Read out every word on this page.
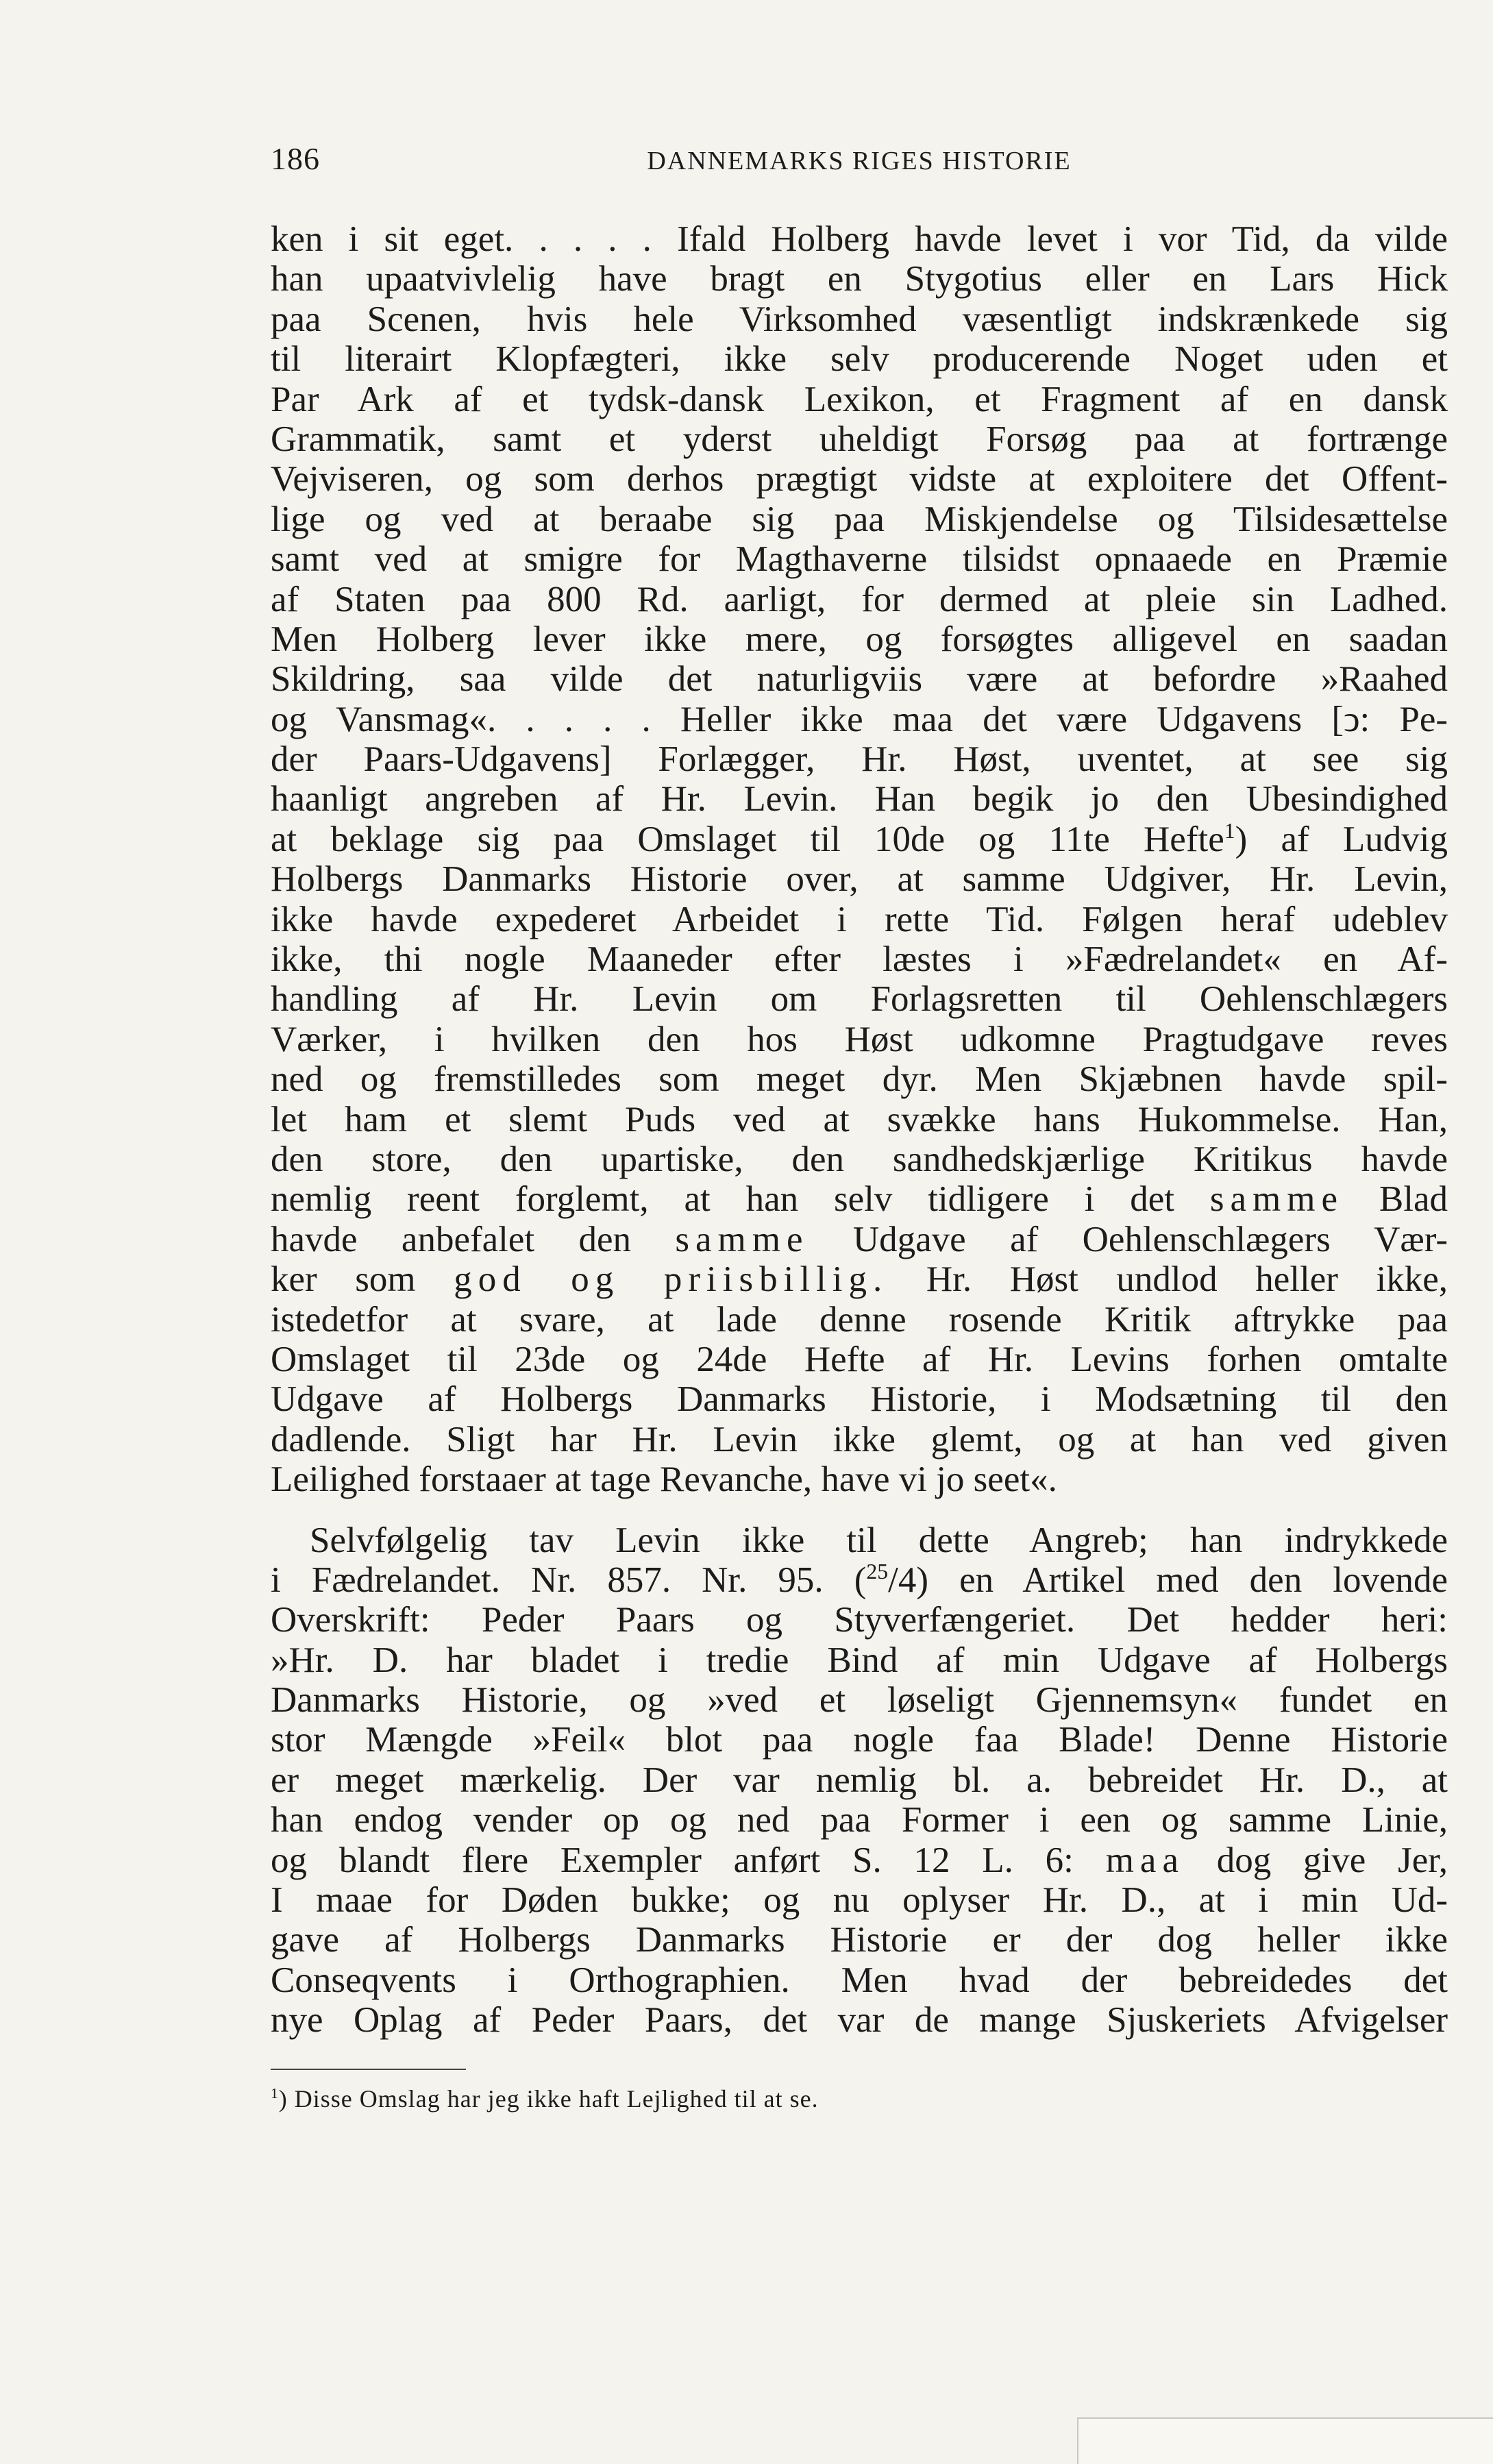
186	DANNEMARKS RIGES HISTORIE
ken i sit eget. . . . . Ifald Holberg havde levet i vor Tid, da vilde
han upaatvivlelig have bragt en Stygotius eller en Lars Hick
paa Scenen, hvis hele Virksomhed væsentligt indskrænkede sig
til literairt Klopfægteri, ikke selv producerende Noget uden et
Par Ark af et tydsk-dansk Lexikon, et Fragment af en dansk
Grammatik, samt et yderst uheldigt Forsøg paa at fortrænge
Vejviseren, og som derhos prægtigt vidste at exploitere det Offent-
lige og ved at beraabe sig paa Miskjendelse og Tilsidesættelse
samt ved at smigre for Magthaverne tilsidst opnaaede en Præmie
af Staten paa 800 Rd. aarligt, for dermed at pleie sin Ladhed.
Men Holberg lever ikke mere, og forsøgtes alligevel en saadan
Skildring, saa vilde det naturligviis være at befordre »Raahed
og Vansmag«. . . . . Heller ikke maa det være Udgavens [ↄ: Pe-
der Paars-Udgavens] Forlægger, Hr. Høst, uventet, at see sig
haanligt angreben af Hr. Levin. Han begik jo den Ubesindighed
at beklage sig paa Omslaget til 10de og 11te Hefte$^1$) af Ludvig
Holbergs Danmarks Historie over, at samme Udgiver, Hr. Levin,
ikke havde expederet Arbeidet i rette Tid. Følgen heraf udeblev
ikke, thi nogle Maaneder efter læstes i »Fædrelandet« en Af-
handling af Hr. Levin om Forlagsretten til Oehlenschlægers
Værker, i hvilken den hos Høst udkomne Pragtudgave reves
ned og fremstilledes som meget dyr. Men Skjæbnen havde spil-
let ham et slemt Puds ved at svække hans Hukommelse. Han,
den store, den upartiske, den sandhedskjærlige Kritikus havde
nemlig reent forglemt, at han selv tidligere i det samme Blad
havde anbefalet den samme Udgave af Oehlenschlægers Vær-
ker som god og priisbillig. Hr. Høst undlod heller ikke,
istedetfor at svare, at lade denne rosende Kritik aftrykke paa
Omslaget til 23de og 24de Hefte af Hr. Levins forhen omtalte
Udgave af Holbergs Danmarks Historie, i Modsætning til den
dadlende. Sligt har Hr. Levin ikke glemt, og at han ved given
Leilighed forstaaer at tage Revanche, have vi jo seet«.
Selvfølgelig tav Levin ikke til dette Angreb; han indrykkede
i Fædrelandet. Nr. 857. Nr. 95. ($^{25}$/4) en Artikel med den lovende
Overskrift: Peder Paars og Styverfængeriet. Det hedder heri:
»Hr. D. har bladet i tredie Bind af min Udgave af Holbergs
Danmarks Historie, og »ved et løseligt Gjennemsyn« fundet en
stor Mængde »Feil« blot paa nogle faa Blade! Denne Historie
er meget mærkelig. Der var nemlig bl. a. bebreidet Hr. D., at
han endog vender op og ned paa Former i een og samme Linie,
og blandt flere Exempler anført S. 12 L. 6: maa dog give Jer,
I maae for Døden bukke; og nu oplyser Hr. D., at i min Ud-
gave af Holbergs Danmarks Historie er der dog heller ikke
Conseqvents i Orthographien. Men hvad der bebreidedes det
nye Oplag af Peder Paars, det var de mange Sjuskeriets Afvigelser
$^1$) Disse Omslag har jeg ikke haft Lejlighed til at se.
